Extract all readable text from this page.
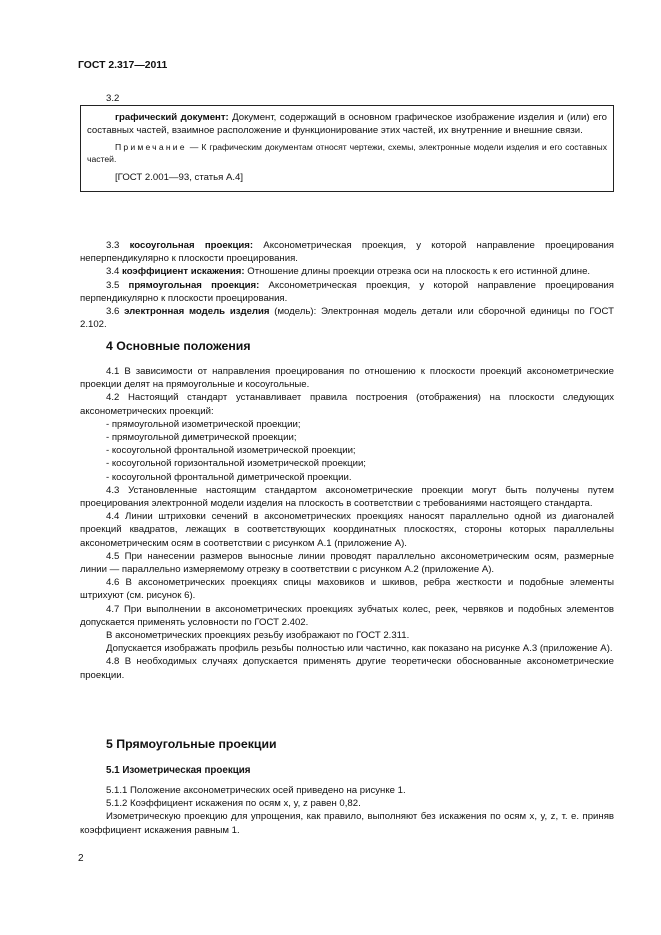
ГОСТ 2.317—2011
3.2

графический документ: Документ, содержащий в основном графическое изображение изделия и (или) его составных частей, взаимное расположение и функционирование этих частей, их внутренние и внешние связи.

Примечание — К графическим документам относят чертежи, схемы, электронные модели изделия и его составных частей.

[ГОСТ 2.001—93, статья А.4]

3.3 косоугольная проекция: Аксонометрическая проекция, у которой направление проецирования неперпендикулярно к плоскости проецирования.

3.4 коэффициент искажения: Отношение длины проекции отрезка оси на плоскость к его истинной длине.

3.5 прямоугольная проекция: Аксонометрическая проекция, у которой направление проецирования перпендикулярно к плоскости проецирования.

3.6 электронная модель изделия (модель): Электронная модель детали или сборочной единицы по ГОСТ 2.102.

4 Основные положения

4.1 В зависимости от направления проецирования по отношению к плоскости проекций аксонометрические проекции делят на прямоугольные и косоугольные.

4.2 Настоящий стандарт устанавливает правила построения (отображения) на плоскости следующих аксонометрических проекций:

- прямоугольной изометрической проекции;

- прямоугольной диметрической проекции;

- косоугольной фронтальной изометрической проекции;

- косоугольной горизонтальной изометрической проекции;

- косоугольной фронтальной диметрической проекции.

4.3 Установленные настоящим стандартом аксонометрические проекции могут быть получены путем проецирования электронной модели изделия на плоскость в соответствии с требованиями настоящего стандарта.

4.4 Линии штриховки сечений в аксонометрических проекциях наносят параллельно одной из диагоналей проекций квадратов, лежащих в соответствующих координатных плоскостях, стороны которых параллельны аксонометрическим осям в соответствии с рисунком А.1 (приложение А).

4.5 При нанесении размеров выносные линии проводят параллельно аксонометрическим осям, размерные линии — параллельно измеряемому отрезку в соответствии с рисунком А.2 (приложение А).

4.6 В аксонометрических проекциях спицы маховиков и шкивов, ребра жесткости и подобные элементы штрихуют (см. рисунок 6).

4.7 При выполнении в аксонометрических проекциях зубчатых колес, реек, червяков и подобных элементов допускается применять условности по ГОСТ 2.402.

В аксонометрических проекциях резьбу изображают по ГОСТ 2.311.

Допускается изображать профиль резьбы полностью или частично, как показано на рисунке А.3 (приложение А).

4.8 В необходимых случаях допускается применять другие теоретически обоснованные аксонометрические проекции.

5 Прямоугольные проекции
5.1 Изометрическая проекция

5.1.1 Положение аксонометрических осей приведено на рисунке 1.

5.1.2 Коэффициент искажения по осям x, y, z равен 0,82.

Изометрическую проекцию для упрощения, как правило, выполняют без искажения по осям x, y, z, т. е. приняв коэффициент искажения равным 1.

2
